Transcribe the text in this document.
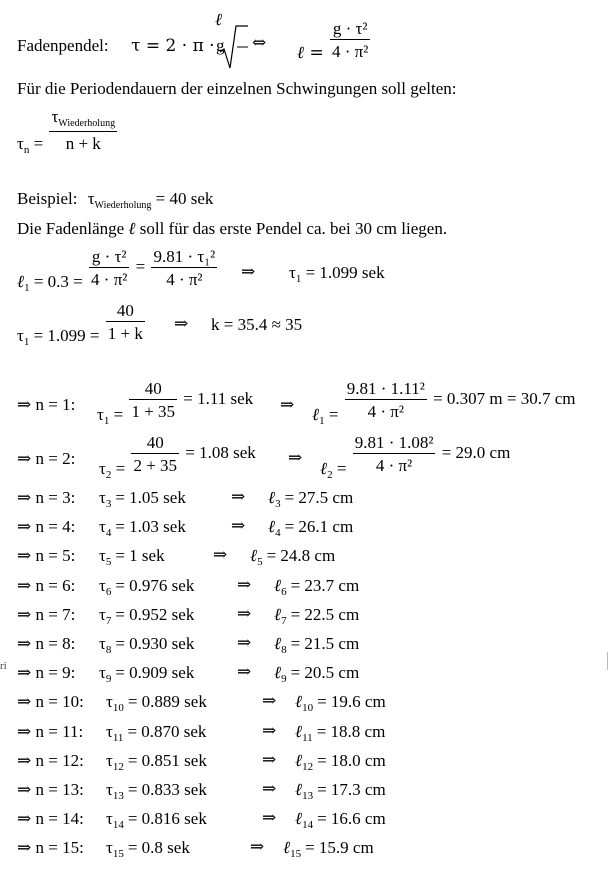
Fadenpendel: τ = 2 · π ·
ℓ
g ⇔ ℓ = $\frac{\text{g · τ²}}{\text{4 · π²}}$
Für die Periodendauern der einzelnen Schwingungen soll gelten:
$\tau_n = \frac{\tau_{Wiederholung}}{n + k}$
Beispiel: $\tau_{Wiederholung} = 40$ sek
Die Fadenlänge ℓ soll für das erste Pendel ca. bei 30 cm liegen.
ℓ$_1$ = $0.3 = \frac{\text{g · τ²}}{\text{4 · π²}} = \frac{\text{9.81 · τ₁²}}{\text{4 · π²}}$ ⇒ $\tau_1 = 1.099$ sek
$\tau_1 = 1.099 = \frac{40}{1 + k}$ ⇒ k = 35.4 ≈ 35
⇒ n = 1:
$\tau_1 = \frac{40}{1 + 35} = 1.11$ sek ⇒ ℓ$_1$ = $\frac{\text{9.81 · 1.11²}}{\text{4 · π²}} = 0.307$ m = 30.7 cm
⇒ n = 2:
$\tau_2 = \frac{40}{2 + 35} = 1.08$ sek ⇒
ℓ$_2$ = $\frac{\text{9.81 · 1.08²}}{\text{4 · π²}} = 29.0$ cm
⇒ n = 3: $\tau_3 = 1.05$ sek	⇒ ℓ$_3$ = 27.5 cm
⇒ n = 4: $\tau_4 = 1.03$ sek	⇒ ℓ$_4$ = 26.1 cm
⇒ n = 5: $\tau_5 = 1$ sek	⇒ ℓ$_5$ = 24.8 cm
⇒ n = 6: $\tau_6 = 0.976$ sek	⇒ ℓ$_6$ = 23.7 cm
⇒ n = 7: $\tau_7 = 0.952$ sek	⇒ ℓ$_7$ = 22.5 cm
⇒ n = 8: $\tau_8 = 0.930$ sek	⇒ ℓ$_8$ = 21.5 cm
⇒ n = 9: $\tau_9 = 0.909$ sek	⇒ ℓ$_9$ = 20.5 cm
⇒ n = 10: $\tau_{10} = 0.889$ sek	⇒ ℓ$_{10}$ = 19.6 cm
⇒ n = 11: $\tau_{11} = 0.870$ sek	⇒ ℓ$_{11}$ = 18.8 cm
⇒ n = 12: $\tau_{12} = 0.851$ sek	⇒ ℓ$_{12}$ = 18.0 cm
⇒ n = 13: $\tau_{13} = 0.833$ sek	⇒ ℓ$_{13}$ = 17.3 cm
⇒ n = 14: $\tau_{14} = 0.816$ sek	⇒ ℓ$_{14}$ = 16.6 cm
⇒ n = 15: $\tau_{15} = 0.8$ sek	⇒ ℓ$_{15}$ = 15.9 cm
ri
